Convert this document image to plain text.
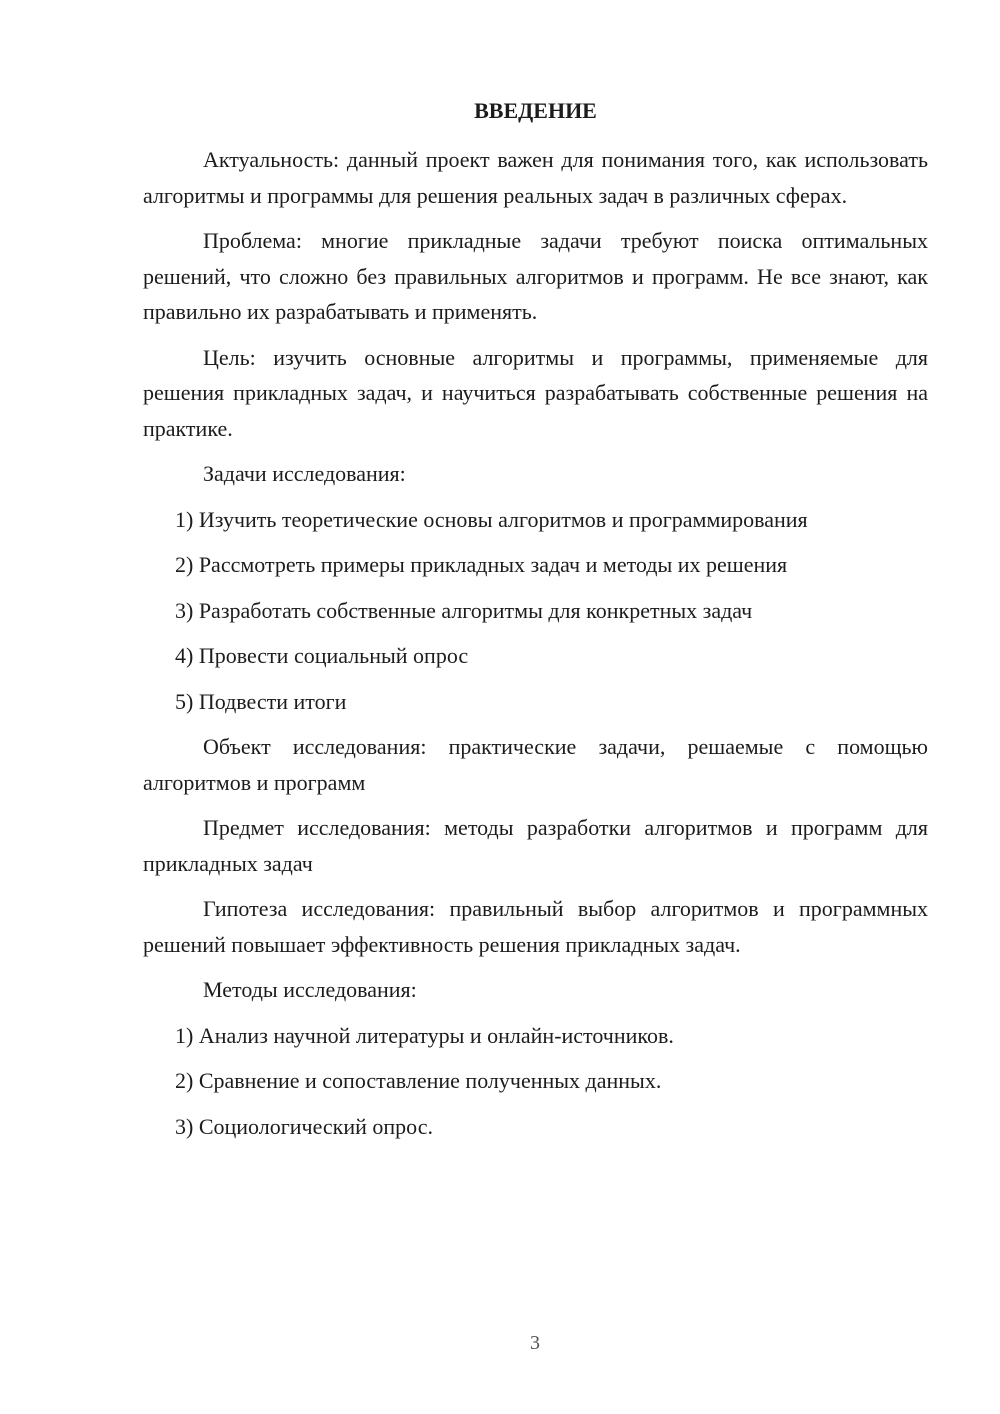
ВВЕДЕНИЕ

Актуальность: данный проект важен для понимания того, как использовать алгоритмы и программы для решения реальных задач в различных сферах.

Проблема: многие прикладные задачи требуют поиска оптимальных решений, что сложно без правильных алгоритмов и программ. Не все знают, как правильно их разрабатывать и применять.

Цель: изучить основные алгоритмы и программы, применяемые для решения прикладных задач, и научиться разрабатывать собственные решения на практике.

Задачи исследования:

1) Изучить теоретические основы алгоритмов и программирования
2) Рассмотреть примеры прикладных задач и методы их решения
3) Разработать собственные алгоритмы для конкретных задач
4) Провести социальный опрос
5) Подвести итоги

Объект исследования: практические задачи, решаемые с помощью алгоритмов и программ

Предмет исследования: методы разработки алгоритмов и программ для прикладных задач

Гипотеза исследования: правильный выбор алгоритмов и программных решений повышает эффективность решения прикладных задач.

Методы исследования:

1) Анализ научной литературы и онлайн-источников.
2) Сравнение и сопоставление полученных данных.
3) Социологический опрос.
3
